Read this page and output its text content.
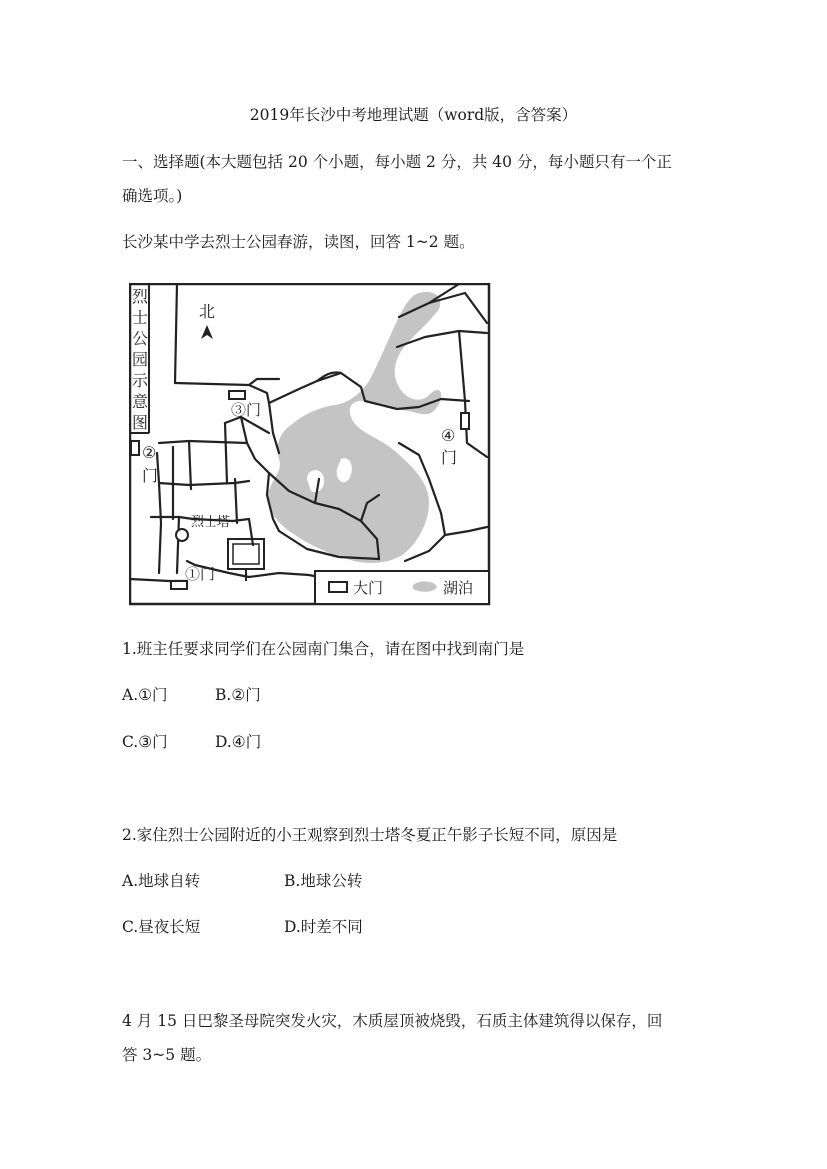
2019年长沙中考地理试题（word版，含答案）
一、选择题(本大题包括 20 个小题，每小题 2 分，共 40 分，每小题只有一个正
确选项。)
长沙某中学去烈士公园春游，读图，回答 1~2 题。
烈
士
公
园
示
意
图
北
烈士塔
③门
②
门
④
门
①门
大门	湖泊
1.班主任要求同学们在公园南门集合，请在图中找到南门是
A.①门	B.②门
C.③门	D.④门
2.家住烈士公园附近的小王观察到烈士塔冬夏正午影子长短不同，原因是
A.地球自转	B.地球公转
C.昼夜长短	D.时差不同
4 月 15 日巴黎圣母院突发火灾，木质屋顶被烧毁，石质主体建筑得以保存，回
答 3~5 题。
